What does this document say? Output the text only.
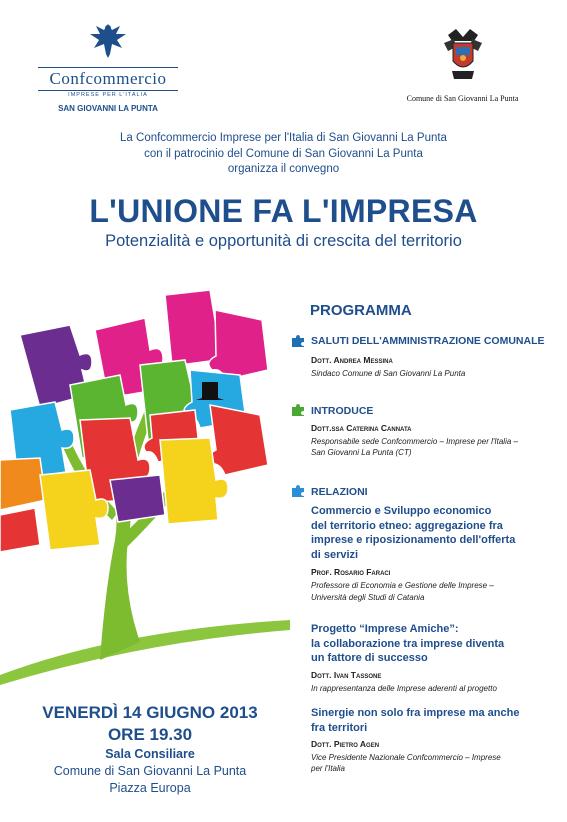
Confcommercio
IMPRESE PER L'ITALIA
SAN GIOVANNI LA PUNTA
Comune di San Giovanni La Punta
La Confcommercio Imprese per l'Italia di San Giovanni La Punta
con il patrocinio del Comune di San Giovanni La Punta
organizza il convegno
L'UNIONE FA L'IMPRESA
Potenzialità e opportunità di crescita del territorio
VENERDÌ 14 GIUGNO 2013
ORE 19.30
Sala Consiliare
Comune di San Giovanni La Punta
Piazza Europa
PROGRAMMA
SALUTI DELL'AMMINISTRAZIONE COMUNALE
Dott. Andrea Messina
Sindaco Comune di San Giovanni La Punta
INTRODUCE
Dott.ssa Caterina Cannata
Responsabile sede Confcommercio – Imprese per l'Italia –
San Giovanni La Punta (CT)
RELAZIONI
Commercio e Sviluppo economico
del territorio etneo: aggregazione fra
imprese e riposizionamento dell'offerta
di servizi
Prof. Rosario Faraci
Professore di Economia e Gestione delle Imprese –
Università degli Studi di Catania
Progetto “Imprese Amiche”:
la collaborazione tra imprese diventa
un fattore di successo
Dott. Ivan Tassone
In rappresentanza delle Imprese aderenti al progetto
Sinergie non solo fra imprese ma anche
fra territori
Dott. Pietro Agen
Vice Presidente Nazionale Confcommercio – Imprese
per l'Italia
